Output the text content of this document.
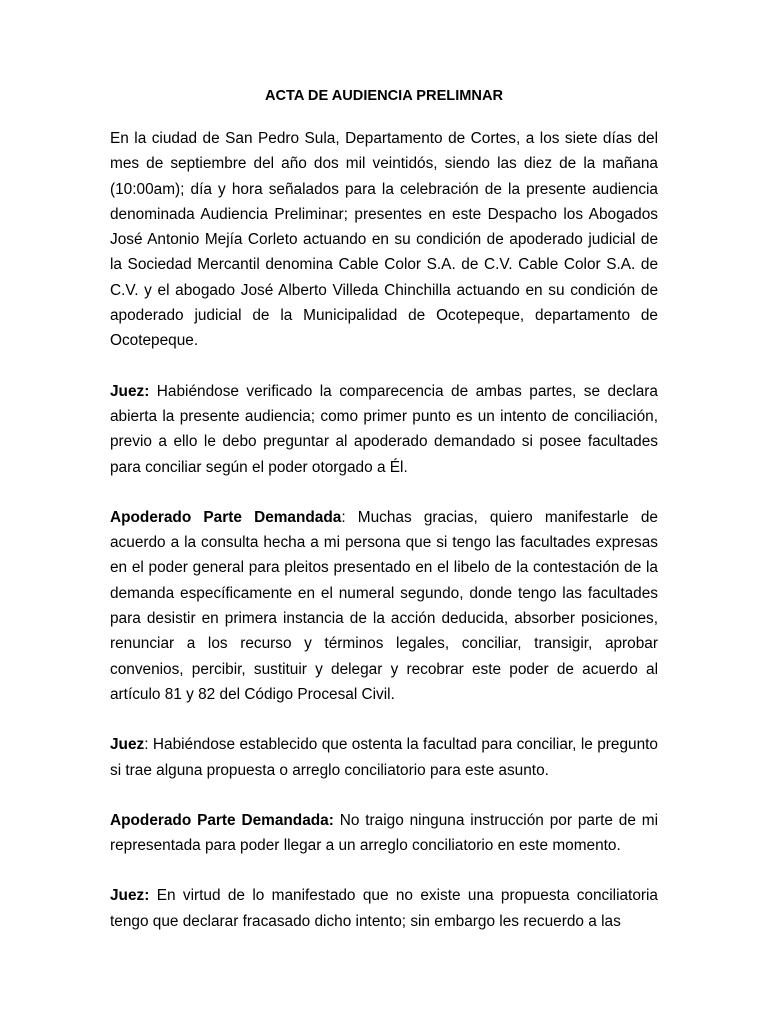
ACTA DE AUDIENCIA PRELIMNAR

En la ciudad de San Pedro Sula, Departamento de Cortes, a los siete días del mes de septiembre del año dos mil veintidós, siendo las diez de la mañana (10:00am); día y hora señalados para la celebración de la presente audiencia denominada Audiencia Preliminar; presentes en este Despacho los Abogados José Antonio Mejía Corleto actuando en su condición de apoderado judicial de la Sociedad Mercantil denomina Cable Color S.A. de C.V. Cable Color S.A. de C.V. y el abogado José Alberto Villeda Chinchilla actuando en su condición de apoderado judicial de la Municipalidad de Ocotepeque, departamento de Ocotepeque.

Juez: Habiéndose verificado la comparecencia de ambas partes, se declara abierta la presente audiencia; como primer punto es un intento de conciliación, previo a ello le debo preguntar al apoderado demandado si posee facultades para conciliar según el poder otorgado a Él.

Apoderado Parte Demandada: Muchas gracias, quiero manifestarle de acuerdo a la consulta hecha a mi persona que si tengo las facultades expresas en el poder general para pleitos presentado en el libelo de la contestación de la demanda específicamente en el numeral segundo, donde tengo las facultades para desistir en primera instancia de la acción deducida, absorber posiciones, renunciar a los recurso y términos legales, conciliar, transigir, aprobar convenios, percibir, sustituir y delegar y recobrar este poder de acuerdo al artículo 81 y 82 del Código Procesal Civil.

Juez: Habiéndose establecido que ostenta la facultad para conciliar, le pregunto si trae alguna propuesta o arreglo conciliatorio para este asunto.

Apoderado Parte Demandada: No traigo ninguna instrucción por parte de mi representada para poder llegar a un arreglo conciliatorio en este momento.

Juez: En virtud de lo manifestado que no existe una propuesta conciliatoria tengo que declarar fracasado dicho intento; sin embargo les recuerdo a las
